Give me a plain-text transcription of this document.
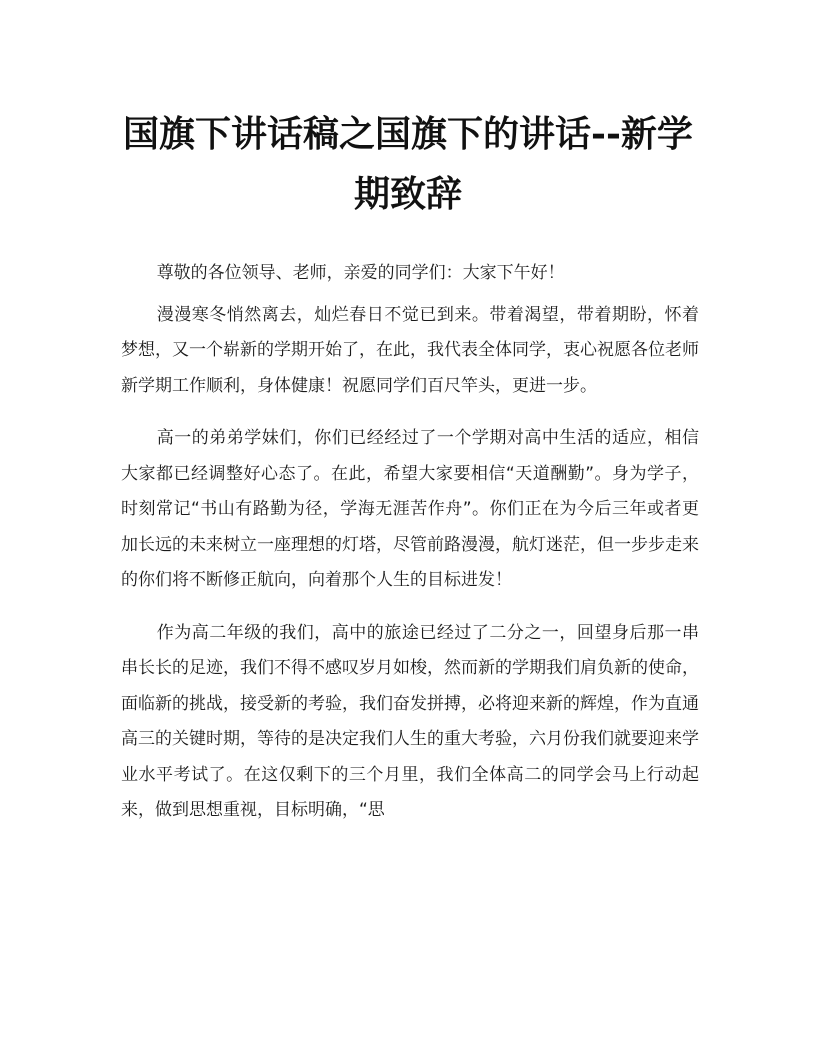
国旗下讲话稿之国旗下的讲话--新学
期致辞

尊敬的各位领导、老师，亲爱的同学们：大家下午好！

漫漫寒冬悄然离去，灿烂春日不觉已到来。带着渴望，带着期盼，怀着梦想，又一个崭新的学期开始了，在此，我代表全体同学，衷心祝愿各位老师新学期工作顺利，身体健康！祝愿同学们百尺竿头，更进一步。

高一的弟弟学妹们，你们已经经过了一个学期对高中生活的适应，相信大家都已经调整好心态了。在此，希望大家要相信“天道酬勤”。身为学子，时刻常记“书山有路勤为径，学海无涯苦作舟”。你们正在为今后三年或者更加长远的未来树立一座理想的灯塔，尽管前路漫漫，航灯迷茫，但一步步走来的你们将不断修正航向，向着那个人生的目标进发！

作为高二年级的我们，高中的旅途已经过了二分之一，回望身后那一串串长长的足迹，我们不得不感叹岁月如梭，然而新的学期我们肩负新的使命，面临新的挑战，接受新的考验，我们奋发拼搏，必将迎来新的辉煌，作为直通高三的关键时期，等待的是决定我们人生的重大考验，六月份我们就要迎来学业水平考试了。在这仅剩下的三个月里，我们全体高二的同学会马上行动起来，做到思想重视，目标明确，“思
